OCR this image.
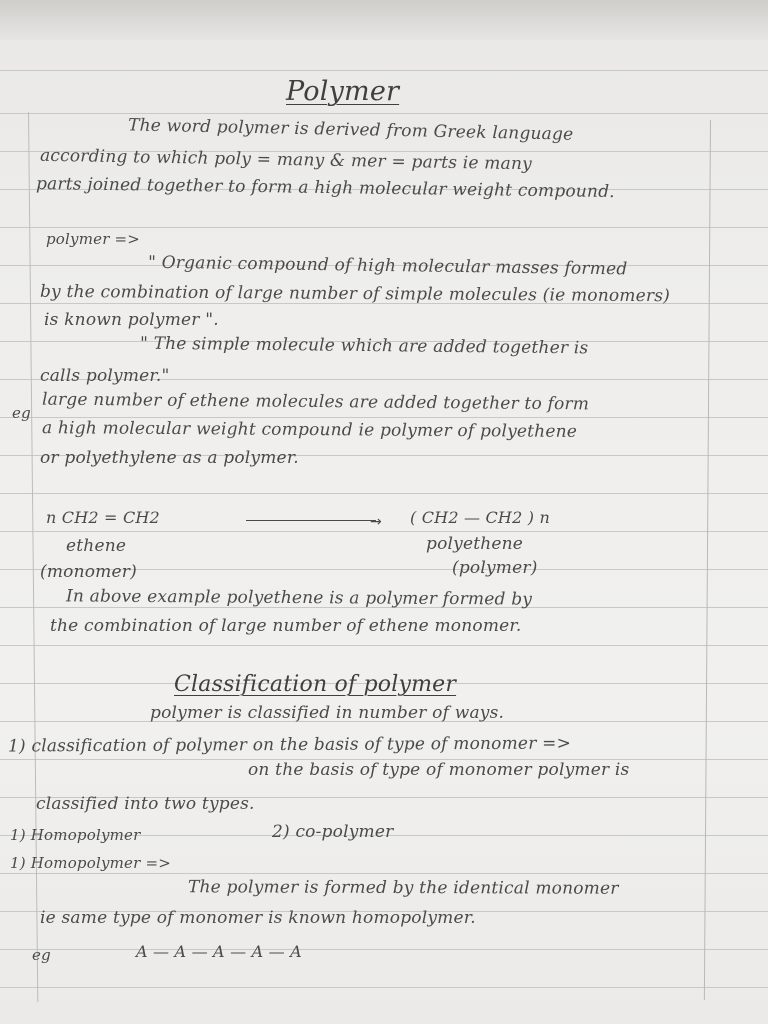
Polymer
The word polymer is derived from Greek language
according to which poly = many & mer = parts ie many
parts joined together to form a high molecular weight compound.
polymer =>
" Organic compound of high molecular masses formed
by the combination of large number of simple molecules (ie monomers)
is known polymer ".
" The simple molecule which are added together is
calls polymer."
eg large number of ethene molecules are added together to form
a high molecular weight compound ie polymer of polyethene
or polyethylene as a polymer.
n CH2 = CH2	→ ( CH2 — CH2 ) n
ethene	polyethene
(monomer)	(polymer)
In above example polyethene is a polymer formed by
the combination of large number of ethene monomer.
Classification of polymer
polymer is classified in number of ways.
1) classification of polymer on the basis of type of monomer =>
on the basis of type of monomer polymer is
classified into two types.
1) Homopolymer	2) co-polymer
1) Homopolymer =>
The polymer is formed by the identical monomer
ie same type of monomer is known homopolymer.
eg	A — A — A — A — A
